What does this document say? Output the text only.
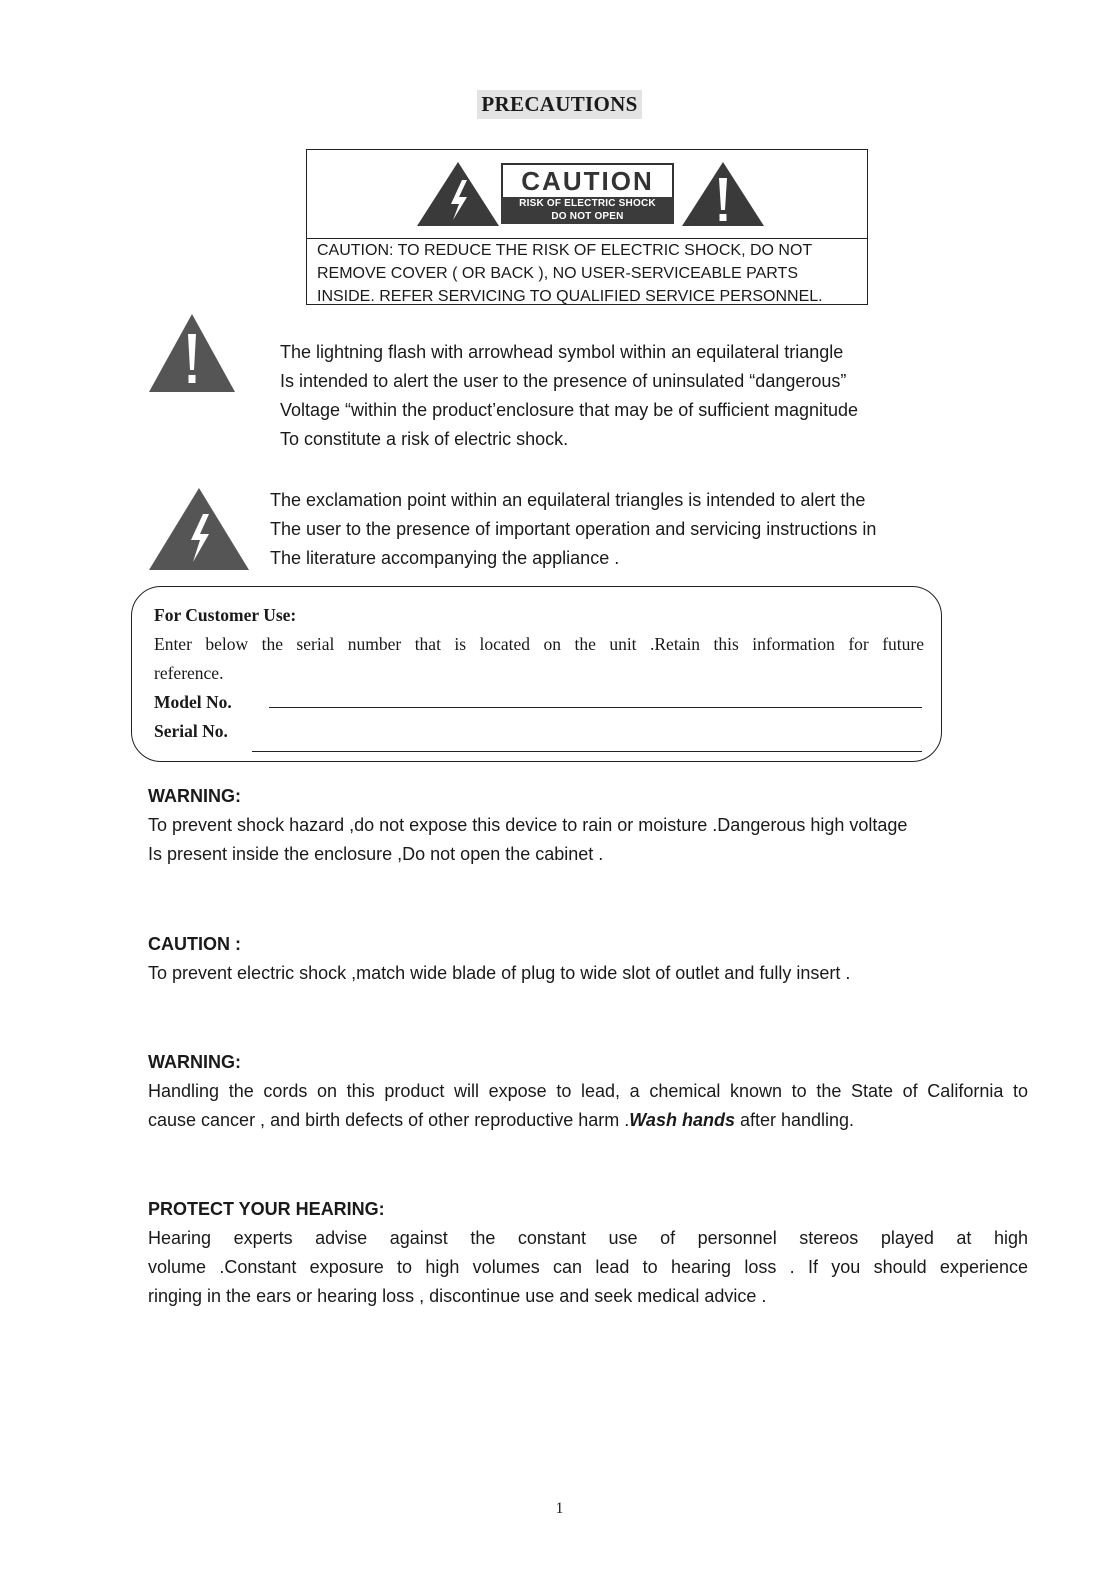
PRECAUTIONS
CAUTION
RISK OF ELECTRIC SHOCK
DO NOT OPEN
CAUTION: TO REDUCE THE RISK OF ELECTRIC SHOCK, DO NOT
REMOVE COVER ( OR BACK ), NO USER-SERVICEABLE PARTS
INSIDE. REFER SERVICING TO QUALIFIED SERVICE PERSONNEL.
The lightning flash with arrowhead symbol within an equilateral triangle
Is intended to alert the user to the presence of uninsulated “dangerous”
Voltage “within the product’enclosure that may be of sufficient magnitude
To constitute a risk of electric shock.
The exclamation point within an equilateral triangles is intended to alert the
The user to the presence of important operation and servicing instructions in
The literature accompanying the appliance .
For Customer Use:
Enter below the serial number that is located on the unit .Retain this information for future
reference.
Model No.
Serial No.
WARNING:
To prevent shock hazard ,do not expose this device to rain or moisture .Dangerous high voltage
Is present inside the enclosure ,Do not open the cabinet .
CAUTION :
To prevent electric shock ,match wide blade of plug to wide slot of outlet and fully insert .
WARNING:
Handling the cords on this product will expose to lead, a chemical known to the State of California to
cause cancer , and birth defects of other reproductive harm .Wash hands after handling.
PROTECT YOUR HEARING:
Hearing experts advise against the constant use of personnel stereos played at high
volume .Constant exposure to high volumes can lead to hearing loss . If you should experience
ringing in the ears or hearing loss , discontinue use and seek medical advice .
1
